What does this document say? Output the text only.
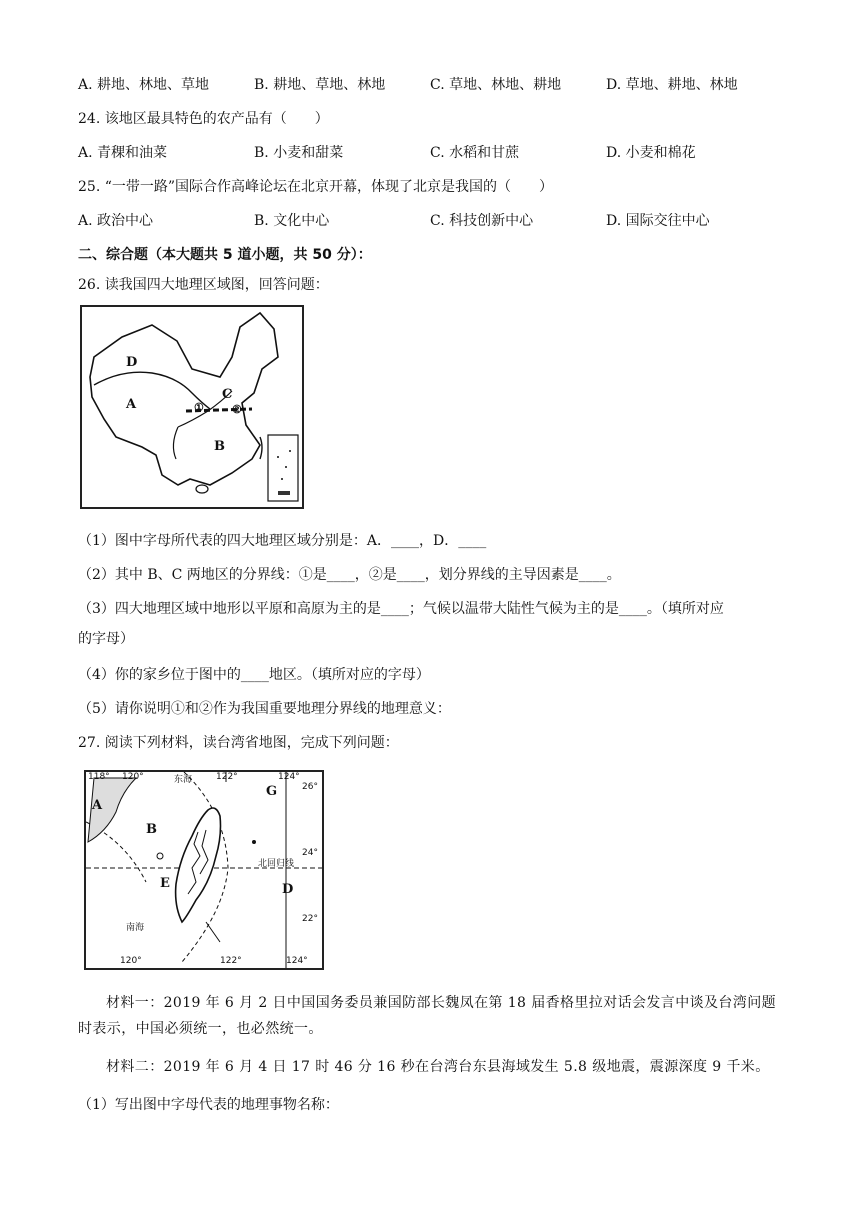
A. 耕地、林地、草地	B. 耕地、草地、林地	C. 草地、林地、耕地	D. 草地、耕地、林地
24. 该地区最具特色的农产品有（　　）
A. 青稞和油菜	B. 小麦和甜菜	C. 水稻和甘蔗	D. 小麦和棉花
25. “一带一路”国际合作高峰论坛在北京开幕，体现了北京是我国的（　　）
A. 政治中心	B. 文化中心	C. 科技创新中心	D. 国际交往中心
二、综合题（本大题共 5 道小题，共 50 分）：
26. 读我国四大地理区域图，回答问题：
D
A
C
B
①	②
（1）图中字母所代表的四大地理区域分别是：A．____，D．____
（2）其中 B、C 两地区的分界线：①是____，②是____，划分界线的主导因素是____。
（3）四大地理区域中地形以平原和高原为主的是____；气候以温带大陆性气候为主的是____。（填所对应
的字母）
（4）你的家乡位于图中的____地区。（填所对应的字母）
（5）请你说明①和②作为我国重要地理分界线的地理意义：
27. 阅读下列材料，读台湾省地图，完成下列问题：
118° 120°	东海	122°	124°
120°	122°	124°
26°
24°
22°
A
B
G
D
E
北回归线
南海
材料一：2019 年 6 月 2 日中国国务委员兼国防部长魏凤在第 18 届香格里拉对话会发言中谈及台湾问题时表示，中国必须统一，也必然统一。
材料二：2019 年 6 月 4 日 17 时 46 分 16 秒在台湾台东县海域发生 5.8 级地震，震源深度 9 千米。
（1）写出图中字母代表的地理事物名称：
